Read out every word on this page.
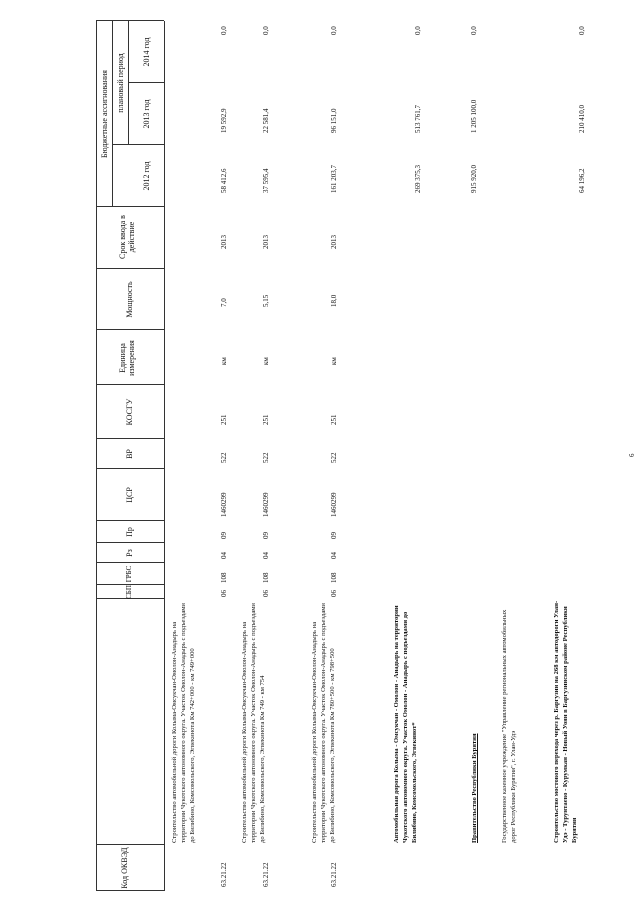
Код ОКВЭД
СБП
ГРБС
Рз
Пр
ЦСР
ВР
КОСГУ
Единица измерения
Мощность
Срок ввода в действие
Бюджетные ассигнования плановый период
2012 год
2013 год
2014 год
63.21.22
Строительство автомобильной дороги Колыма-Омсукчан-Омолон-Анадырь на территории Чукотского автономного округа. Участок Омолон-Анадырь с подъездами до Билибино, Комсомольского, Эгвекинота Км 742+000 - км 749+000
06
108
04
09
1460299
522
251
км
7,0
2013
58 412,6
19 592,9
0,0
63.21.22
Строительство автомобильной дороги Колыма-Омсукчан-Омолон-Анадырь на территории Чукотского автономного округа. Участок Омолон-Анадырь с подъездами до Билибино, Комсомольского, Эгвекинота Км 749 - км 754
06
108
04
09
1460299
522
251
км
5,15
2013
37 595,4
22 581,4
0,0
63.21.22
Строительство автомобильной дороги Колыма-Омсукчан-Омолон-Анадырь на территории Чукотского автономного округа. Участок Омолон-Анадырь с подъездами до Билибино, Комсомольского, Эгвекинота Км 780+500 - км 798+500
06
108
04
09
1460299
522
251
км
18,0
2013
161 203,7
96 151,0
0,0
Автомобильная дорога Колыма - Омсукчан - Омолон - Анадырь на территории Чукотского автономного округа. Участок Омолон - Анадырь с подъездами до Билибино, Комсомольского, Эгвекинот*
269 375,3
513 761,7
0,0
Правительство Республики Бурятия
915 920,0
1 205 100,0
0,0
Государственное казенное учреждение "Управление региональных автомобильных дорог Республики Бурятия", г. Улан-Удэ	Строительство мостового перехода через р. Баргузин на 268 км автодороги Улан-Удэ - Турунтаево - Курумкан - Новый Уоян в Баргузинском районе Республики Бурятия
64 196,2
210 410,0
0,0
6
